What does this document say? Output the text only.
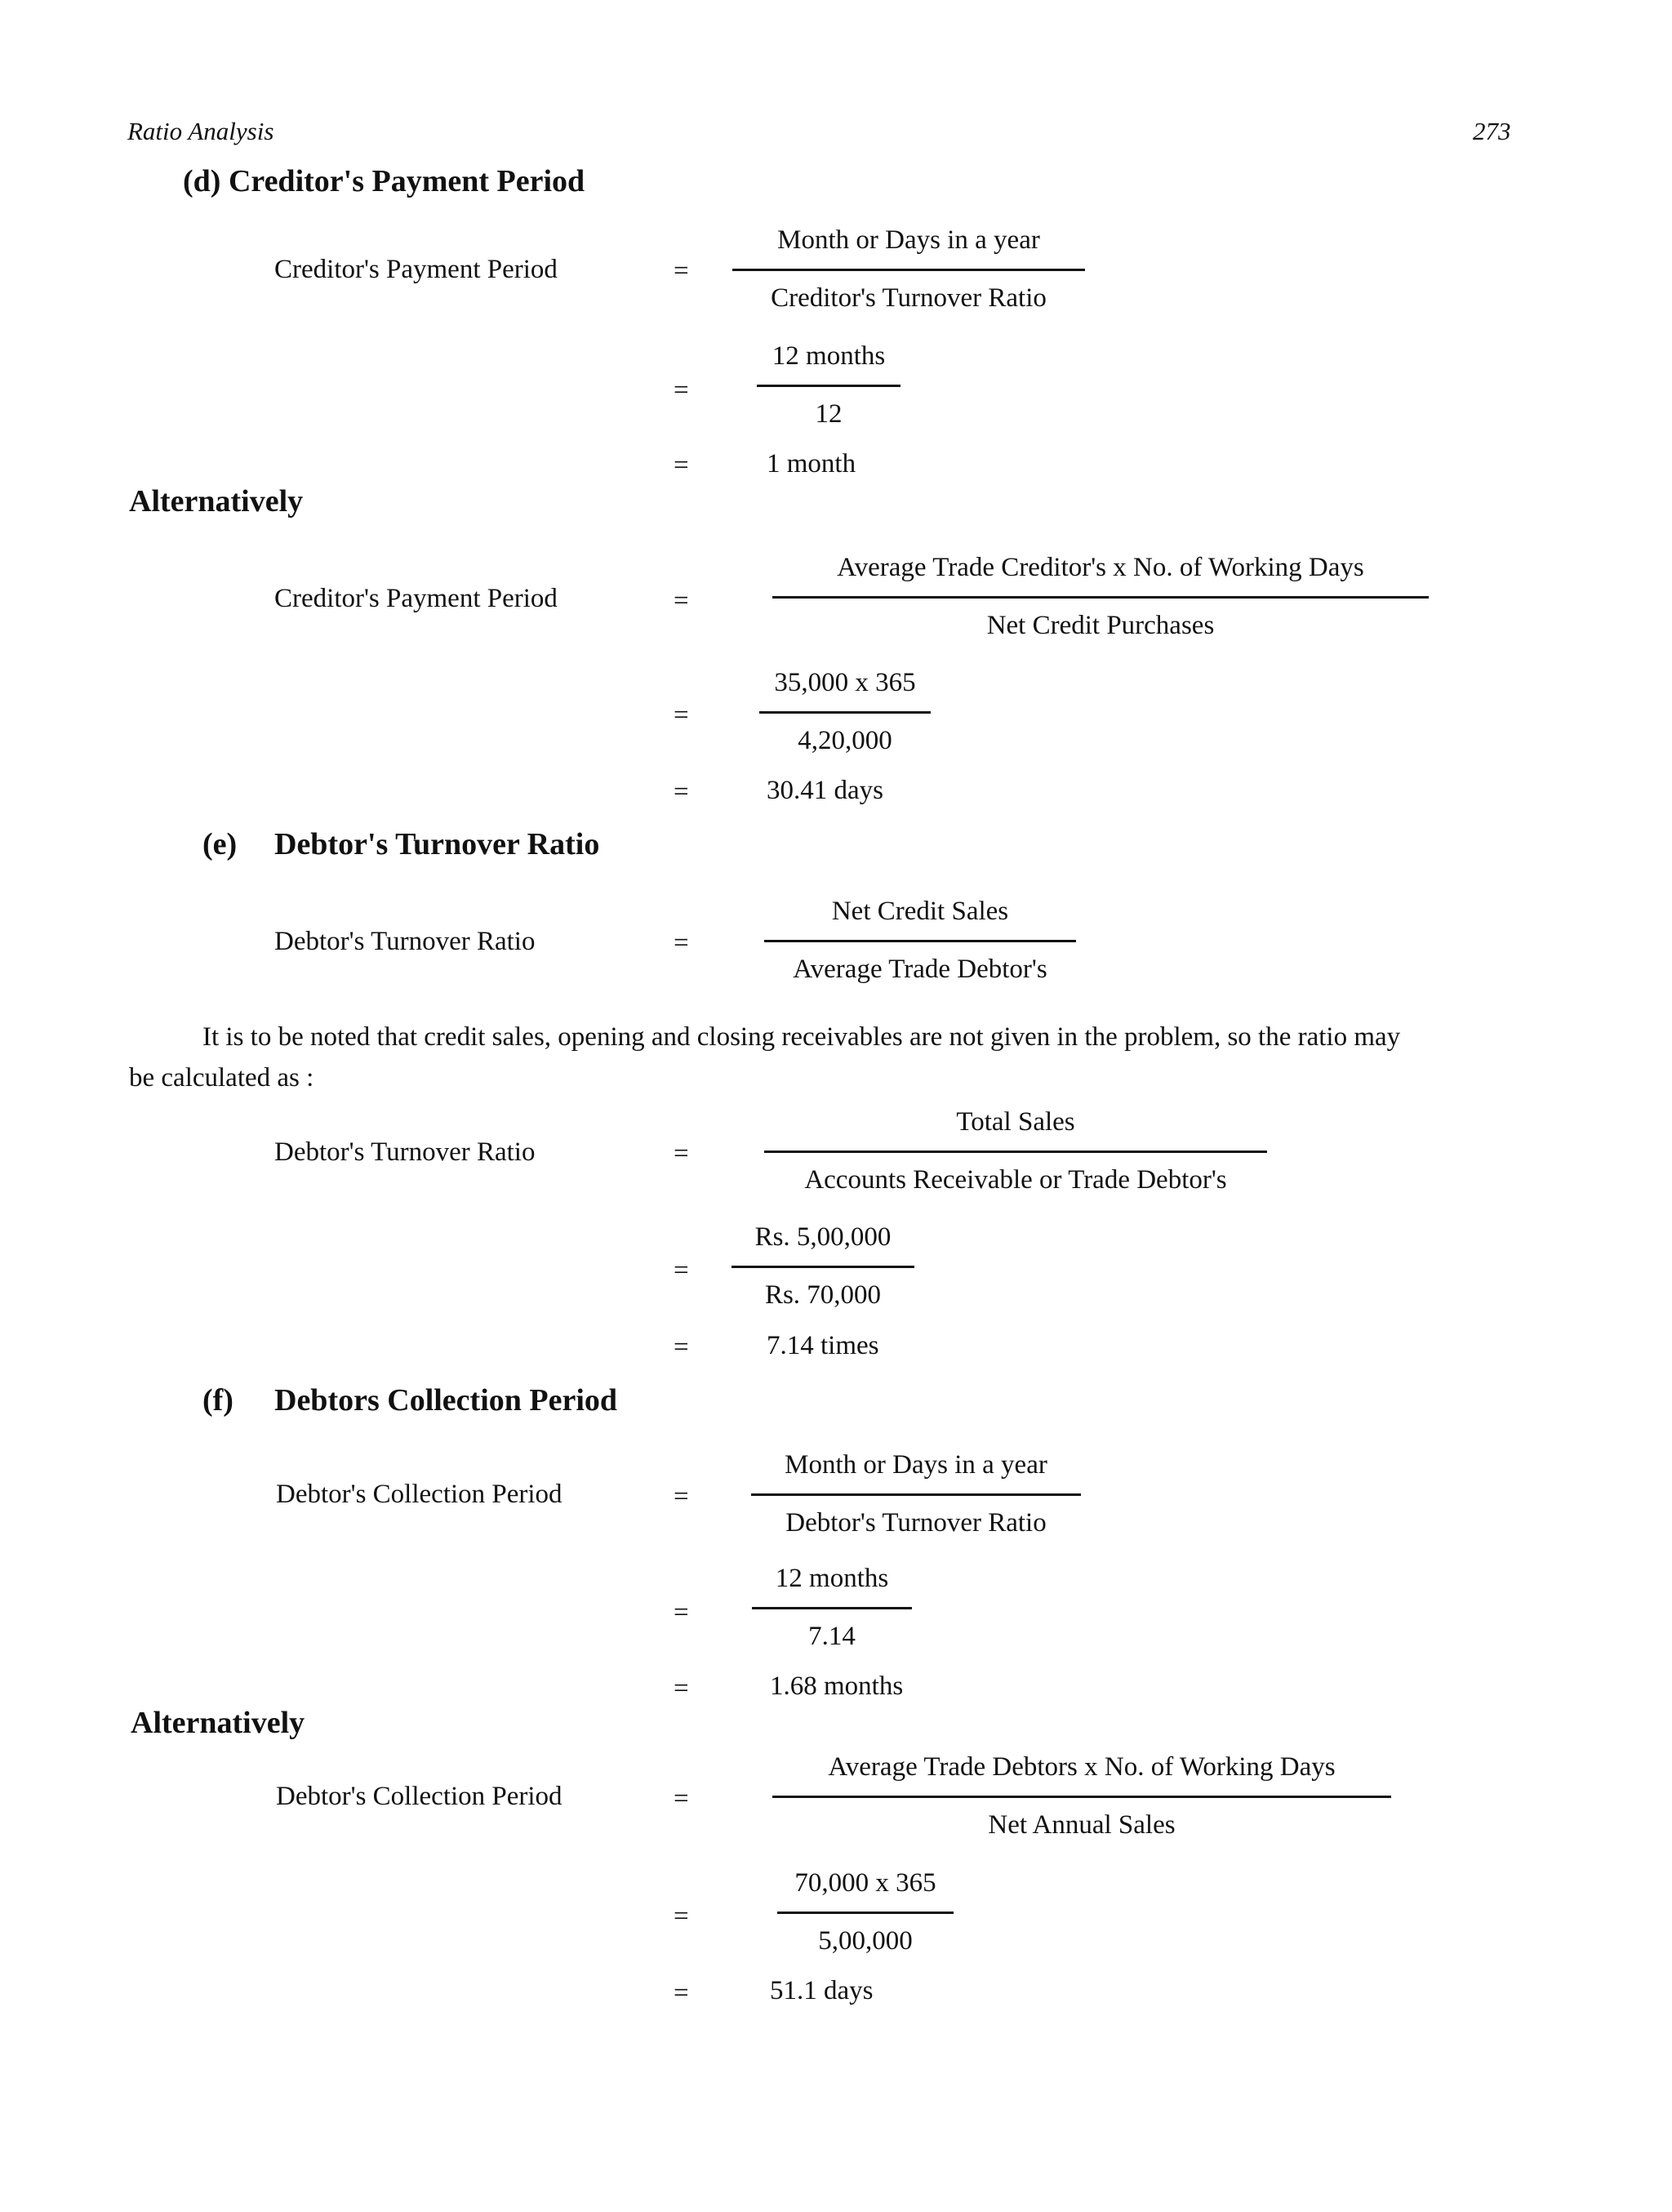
Ratio Analysis	273
(d) Creditor's Payment Period
Creditor's Payment Period	=
Month or Days in a year
Creditor's Turnover Ratio
=
12 months
12
=	1 month
Alternatively
Creditor's Payment Period	=
Average Trade Creditor's x No. of Working Days
Net Credit Purchases
=
35,000 x 365
4,20,000
=	30.41 days
(e) Debtor's Turnover Ratio
Debtor's Turnover Ratio	=
Net Credit Sales
Average Trade Debtor's
It is to be noted that credit sales, opening and closing receivables are not given in the problem, so the ratio may
be calculated as :
Debtor's Turnover Ratio	=
Total Sales
Accounts Receivable or Trade Debtor's
=
Rs. 5,00,000
Rs. 70,000
=	7.14 times
(f) Debtors Collection Period
Debtor's Collection Period	=
Month or Days in a year
Debtor's Turnover Ratio
=
12 months
7.14
=	1.68 months
Alternatively
Debtor's Collection Period	=
Average Trade Debtors x No. of Working Days
Net Annual Sales
=
70,000 x 365
5,00,000
=	51.1 days
